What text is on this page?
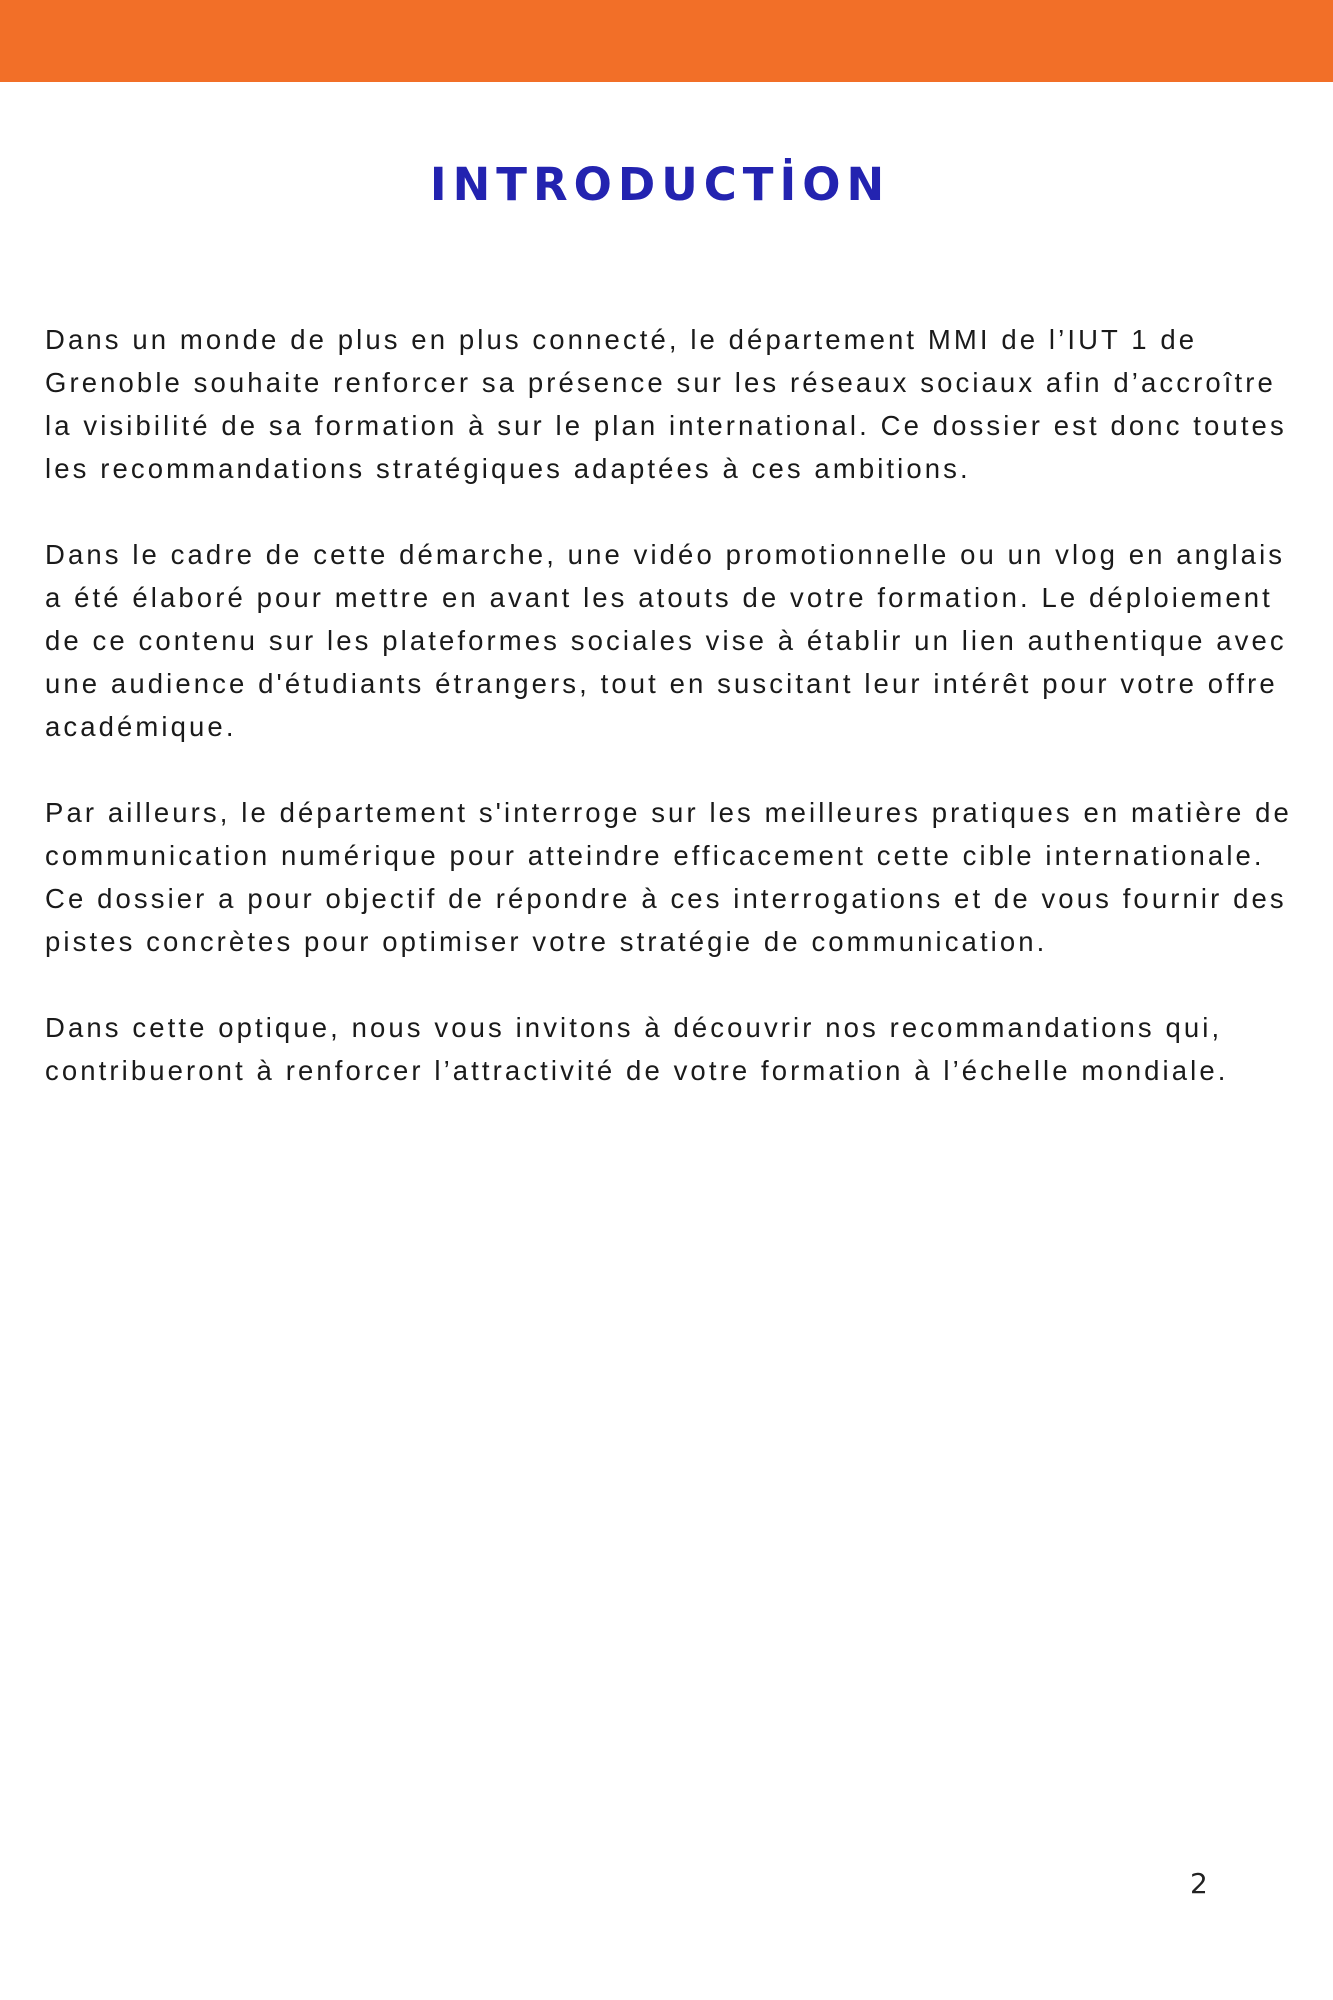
INTRODUCTİON

Dans un monde de plus en plus connecté, le département MMI de l’IUT 1 de Grenoble souhaite renforcer sa présence sur les réseaux sociaux afin d’accroître la visibilité de sa formation à sur le plan international. Ce dossier est donc toutes les recommandations stratégiques adaptées à ces ambitions.

Dans le cadre de cette démarche, une vidéo promotionnelle ou un vlog en anglais a été élaboré pour mettre en avant les atouts de votre formation. Le déploiement de ce contenu sur les plateformes sociales vise à établir un lien authentique avec une audience d'étudiants étrangers, tout en suscitant leur intérêt pour votre offre académique.

Par ailleurs, le département s'interroge sur les meilleures pratiques en matière de communication numérique pour atteindre efficacement cette cible internationale. Ce dossier a pour objectif de répondre à ces interrogations et de vous fournir des pistes concrètes pour optimiser votre stratégie de communication.

Dans cette optique, nous vous invitons à découvrir nos recommandations qui, contribueront à renforcer l’attractivité de votre formation à l’échelle mondiale.

2
